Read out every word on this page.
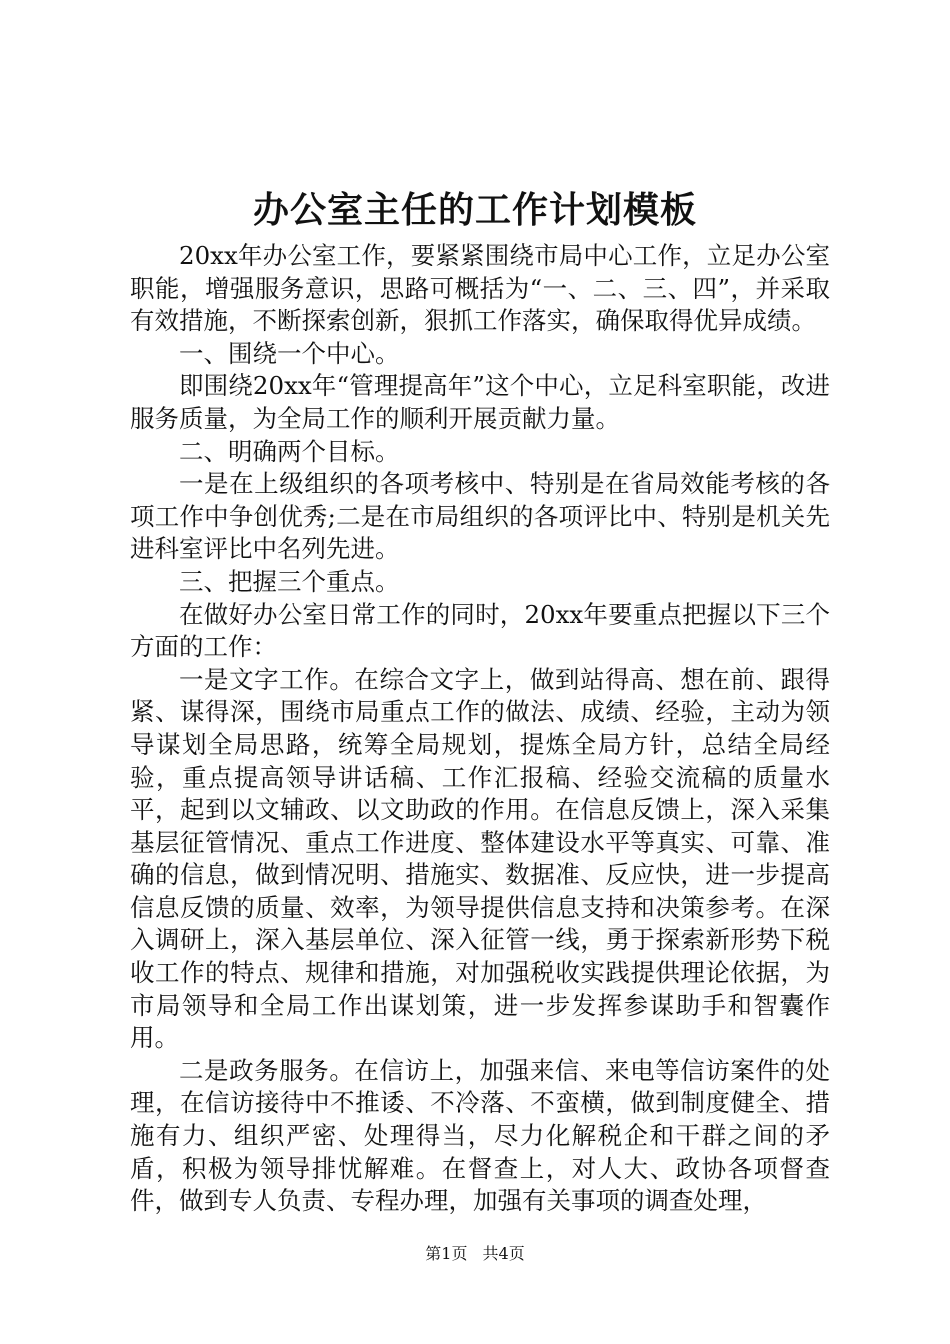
办公室主任的工作计划模板

20xx年办公室工作，要紧紧围绕市局中心工作，立足办公室职能，增强服务意识，思路可概括为“一、二、三、四”，并采取有效措施，不断探索创新，狠抓工作落实，确保取得优异成绩。

一、围绕一个中心。

即围绕20xx年“管理提高年”这个中心，立足科室职能，改进服务质量，为全局工作的顺利开展贡献力量。

二、明确两个目标。

一是在上级组织的各项考核中、特别是在省局效能考核的各项工作中争创优秀;二是在市局组织的各项评比中、特别是机关先进科室评比中名列先进。

三、把握三个重点。

在做好办公室日常工作的同时，20xx年要重点把握以下三个方面的工作：

一是文字工作。在综合文字上，做到站得高、想在前、跟得紧、谋得深，围绕市局重点工作的做法、成绩、经验，主动为领导谋划全局思路，统筹全局规划，提炼全局方针，总结全局经验，重点提高领导讲话稿、工作汇报稿、经验交流稿的质量水平，起到以文辅政、以文助政的作用。在信息反馈上，深入采集基层征管情况、重点工作进度、整体建设水平等真实、可靠、准确的信息，做到情况明、措施实、数据准、反应快，进一步提高信息反馈的质量、效率，为领导提供信息支持和决策参考。在深入调研上，深入基层单位、深入征管一线，勇于探索新形势下税收工作的特点、规律和措施，对加强税收实践提供理论依据，为市局领导和全局工作出谋划策，进一步发挥参谋助手和智囊作用。

二是政务服务。在信访上，加强来信、来电等信访案件的处理，在信访接待中不推诿、不冷落、不蛮横，做到制度健全、措施有力、组织严密、处理得当，尽力化解税企和干群之间的矛盾，积极为领导排忧解难。在督查上，对人大、政协各项督查件，做到专人负责、专程办理，加强有关事项的调查处理，

第1页 共4页
